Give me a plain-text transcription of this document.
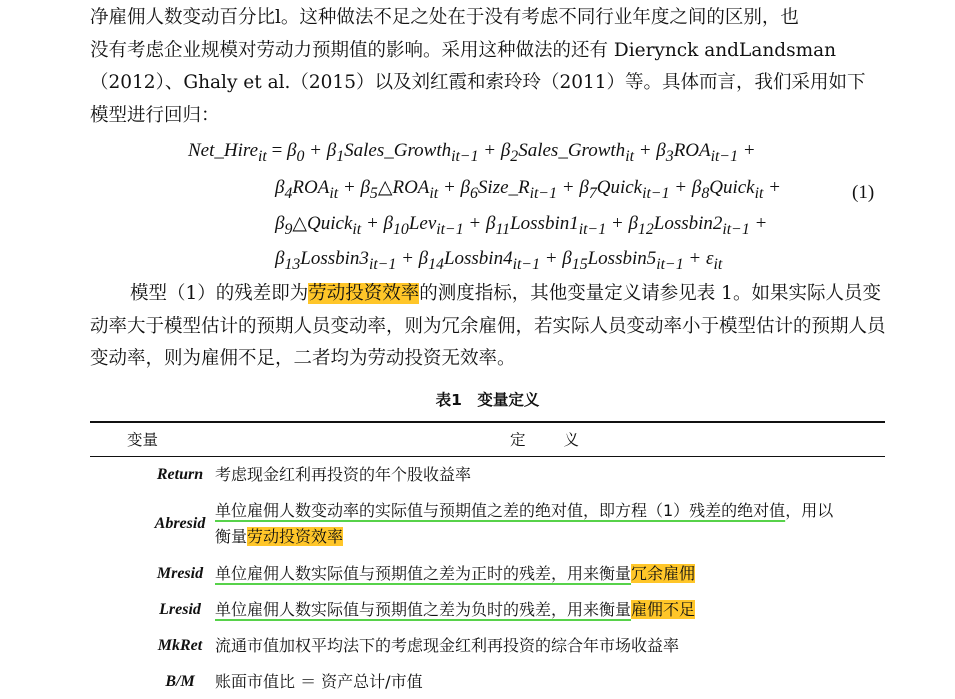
净雇佣人数变动百分比l。这种做法不足之处在于没有考虑不同行业年度之间的区别，也
没有考虑企业规模对劳动力预期值的影响。采用这种做法的还有 Dierynck andLandsman
（2012）、Ghaly et al.（2015）以及刘红霞和索玲玲（2011）等。具体而言，我们采用如下
模型进行回归：
Net_Hire$_{it}$ = $\beta_0$ + $\beta_1Sales\_Growth_{it-1}$ + $\beta_2Sales\_Growth_{it} + \beta_3ROA_{it-1}$ +
$\beta_4ROA_{it}$ + $\beta_5\triangle ROA_{it}$ + $\beta_6Size\_R_{it-1}$ + $\beta_7Quick_{it-1}$ + $\beta_8Quick_{it}$ +
$\beta_9\triangle Quick_{it} + \beta_{10}Lev_{it-1}$ + $\beta_{11}Lossbin1_{it-1}$ + $\beta_{12}Lossbin2_{it-1}$ +
$\beta_{13}Lossbin3_{it-1}$ + $\beta_{14}Lossbin4_{it-1}$ + $\beta_{15}Lossbin5_{it-1} + \varepsilon_{it}$
(1)
模型（1）的残差即为劳动投资效率的测度指标，其他变量定义请参见表 1。如果实际人员变动率大于模型估计的预期人员变动率，则为冗余雇佣，若实际人员变动率小于模型估计的预期人员变动率，则为雇佣不足，二者均为劳动投资无效率。
表1　变量定义
变量	定义
Return 考虑现金红利再投资的年个股收益率
Abresid
单位雇佣人数变动率的实际值与预期值之差的绝对值，即方程（1）残差的绝对值，用以
衡量劳动投资效率
Mresid 单位雇佣人数实际值与预期值之差为正时的残差，用来衡量冗余雇佣
Lresid 单位雇佣人数实际值与预期值之差为负时的残差，用来衡量雇佣不足
MkRet 流通市值加权平均法下的考虑现金红利再投资的综合年市场收益率
B/M	账面市值比 ＝ 资产总计/市值
